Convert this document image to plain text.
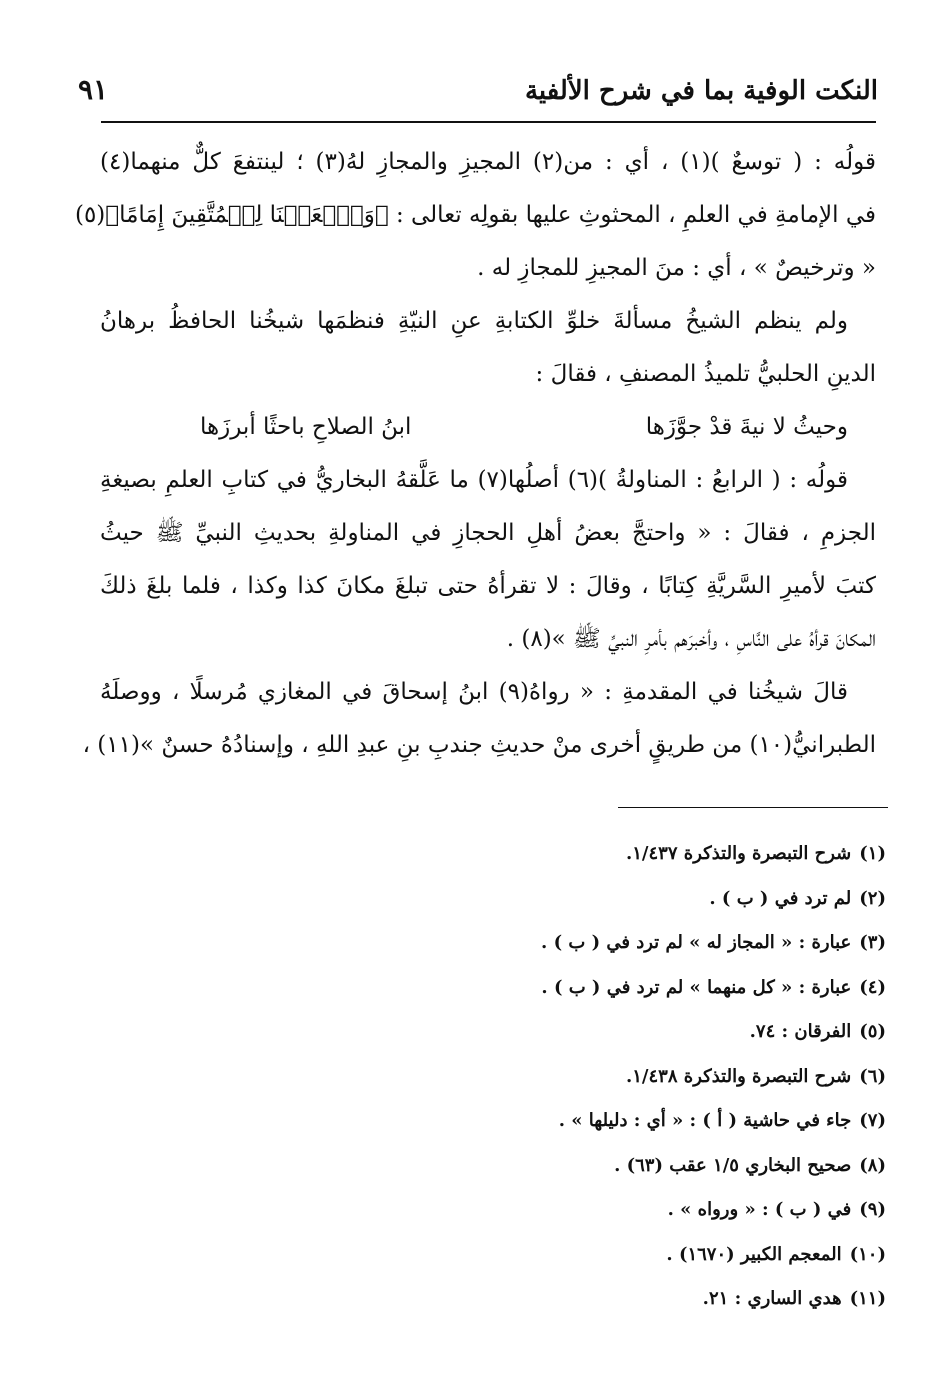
النكت الوفية بما في شرح الألفية
٩١
قولُه : ( توسعٌ )(١) ، أي : من(٢) المجيزِ والمجازِ لهُ(٣) ؛ لينتفعَ كلٌّ منهما(٤)
في الإمامةِ في العلمِ ، المحثوثِ عليها بقولِه تعالى : ﴿وَٱجۡعَلۡنَا لِلۡمُتَّقِينَ إِمَامًا﴾(٥)
« وترخيصٌ » ، أي : منَ المجيزِ للمجازِ له .
ولم ينظم الشيخُ مسألةَ خلوِّ الكتابةِ عنِ النيّةِ فنظمَها شيخُنا الحافظُ برهانُ
الدينِ الحلبيُّ تلميذُ المصنفِ ، فقالَ :
وحيثُ لا نيةَ قدْ جوَّزَها
ابنُ الصلاحِ باحثًا أبرزَها
قولُه : ( الرابعُ : المناولةُ )(٦) أصلُها(٧) ما عَلَّقهُ البخاريُّ في كتابِ العلمِ بصيغةِ
الجزمِ ، فقالَ : « واحتجَّ بعضُ أهلِ الحجازِ في المناولةِ بحديثِ النبيِّ ﷺ حيثُ
كتبَ لأميرِ السَّريَّةِ كِتابًا ، وقالَ : لا تقرأهُ حتى تبلغَ مكانَ كذا وكذا ، فلما بلغَ ذلكَ
المكانَ قرأهُ على النَّاسِ ، وأخبرَهم بأمرِ النبيِّ ﷺ »(٨) .
قالَ شيخُنا في المقدمةِ : « رواهُ(٩) ابنُ إسحاقَ في المغازي مُرسلًا ، ووصلَهُ
الطبرانيُّ(١٠) من طريقٍ أخرى منْ حديثِ جندبِ بنِ عبدِ اللهِ ، وإسنادُهُ حسنٌ »(١١) ،
(١)شرح التبصرة والتذكرة ١/٤٣٧.
(٢)لم ترد في ( ب ) .
(٣)عبارة : « المجاز له » لم ترد في ( ب ) .
(٤)عبارة : « كل منهما » لم ترد في ( ب ) .
(٥)الفرقان : ٧٤.
(٦)شرح التبصرة والتذكرة ١/٤٣٨.
(٧)جاء في حاشية ( أ ) : « أي : دليلها » .
(٨)صحيح البخاري ١/٥ عقب (٦٣) .
(٩)في ( ب ) : « ورواه » .
(١٠)المعجم الكبير (١٦٧٠) .
(١١)هدي الساري : ٢١.
